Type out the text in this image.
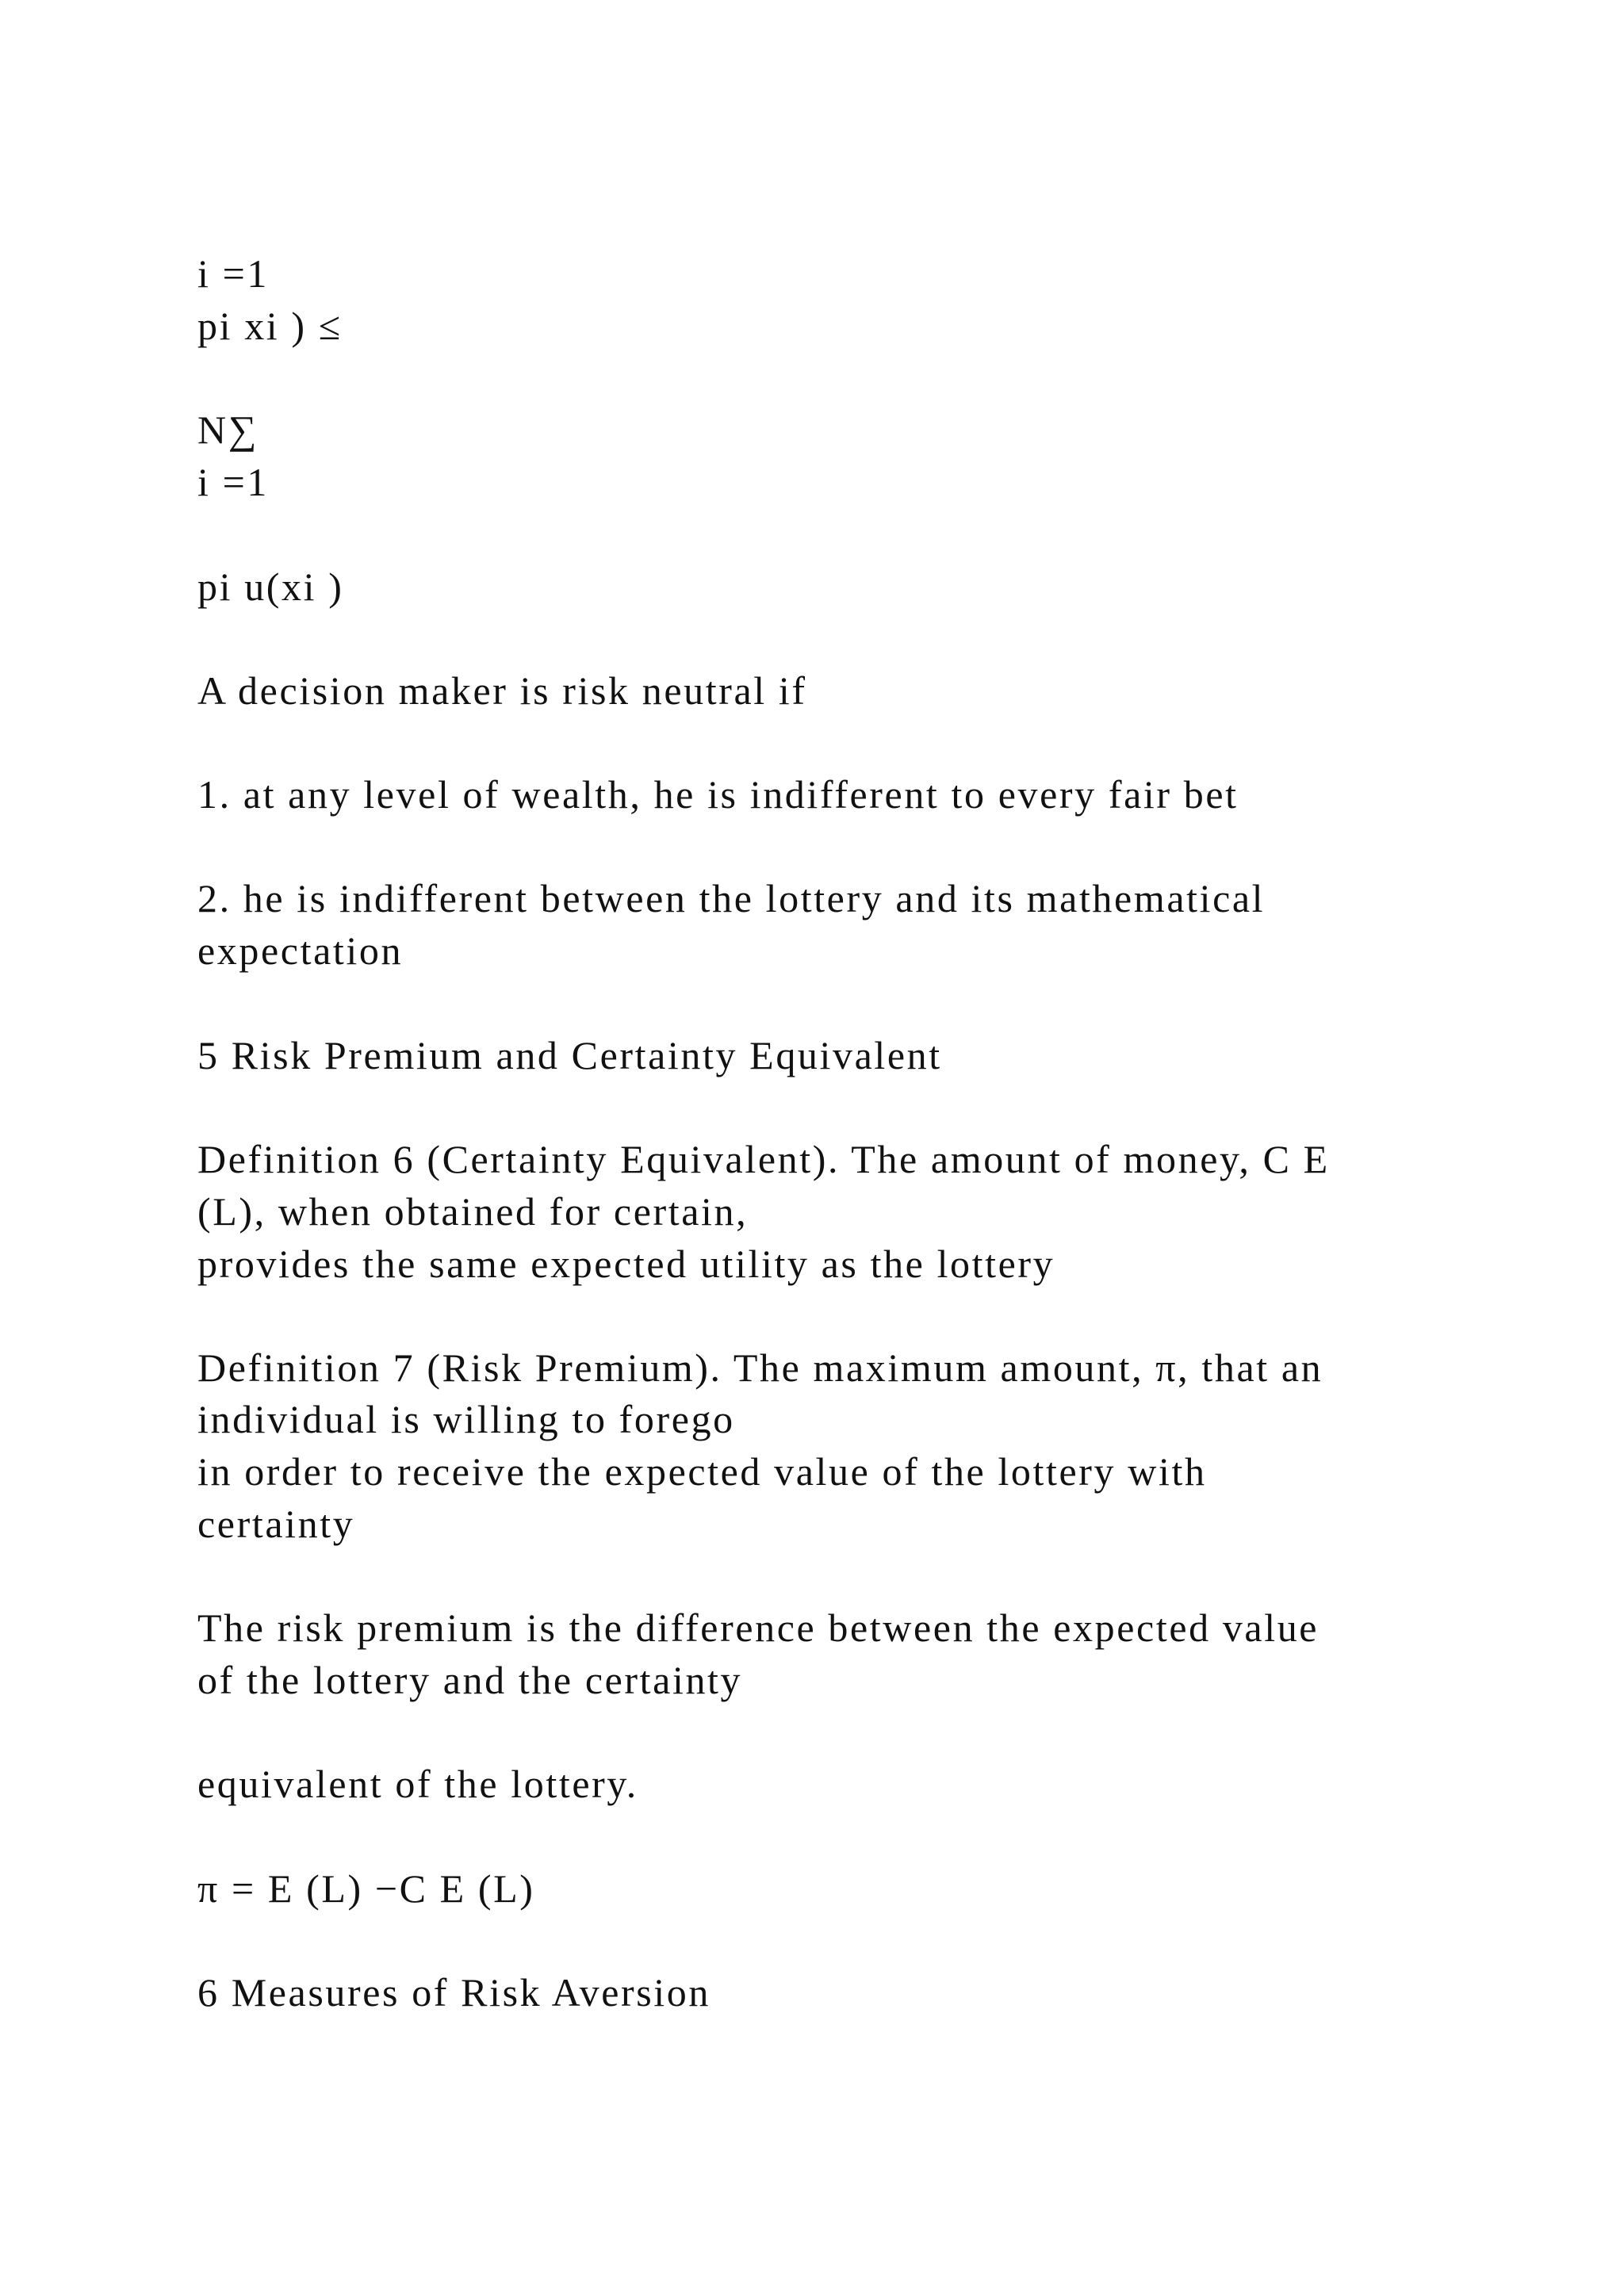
i =1

pi xi ) ≤

N∑

i =1

pi u(xi )

A decision maker is risk neutral if

1. at any level of wealth, he is indifferent to every fair bet

2. he is indifferent between the lottery and its mathematical

expectation

5 Risk Premium and Certainty Equivalent

Definition 6 (Certainty Equivalent). The amount of money, C E

(L), when obtained for certain,

provides the same expected utility as the lottery

Definition 7 (Risk Premium). The maximum amount, π, that an

individual is willing to forego

in order to receive the expected value of the lottery with

certainty

The risk premium is the difference between the expected value

of the lottery and the certainty

equivalent of the lottery.

π = E (L) −C E (L)

6 Measures of Risk Aversion
